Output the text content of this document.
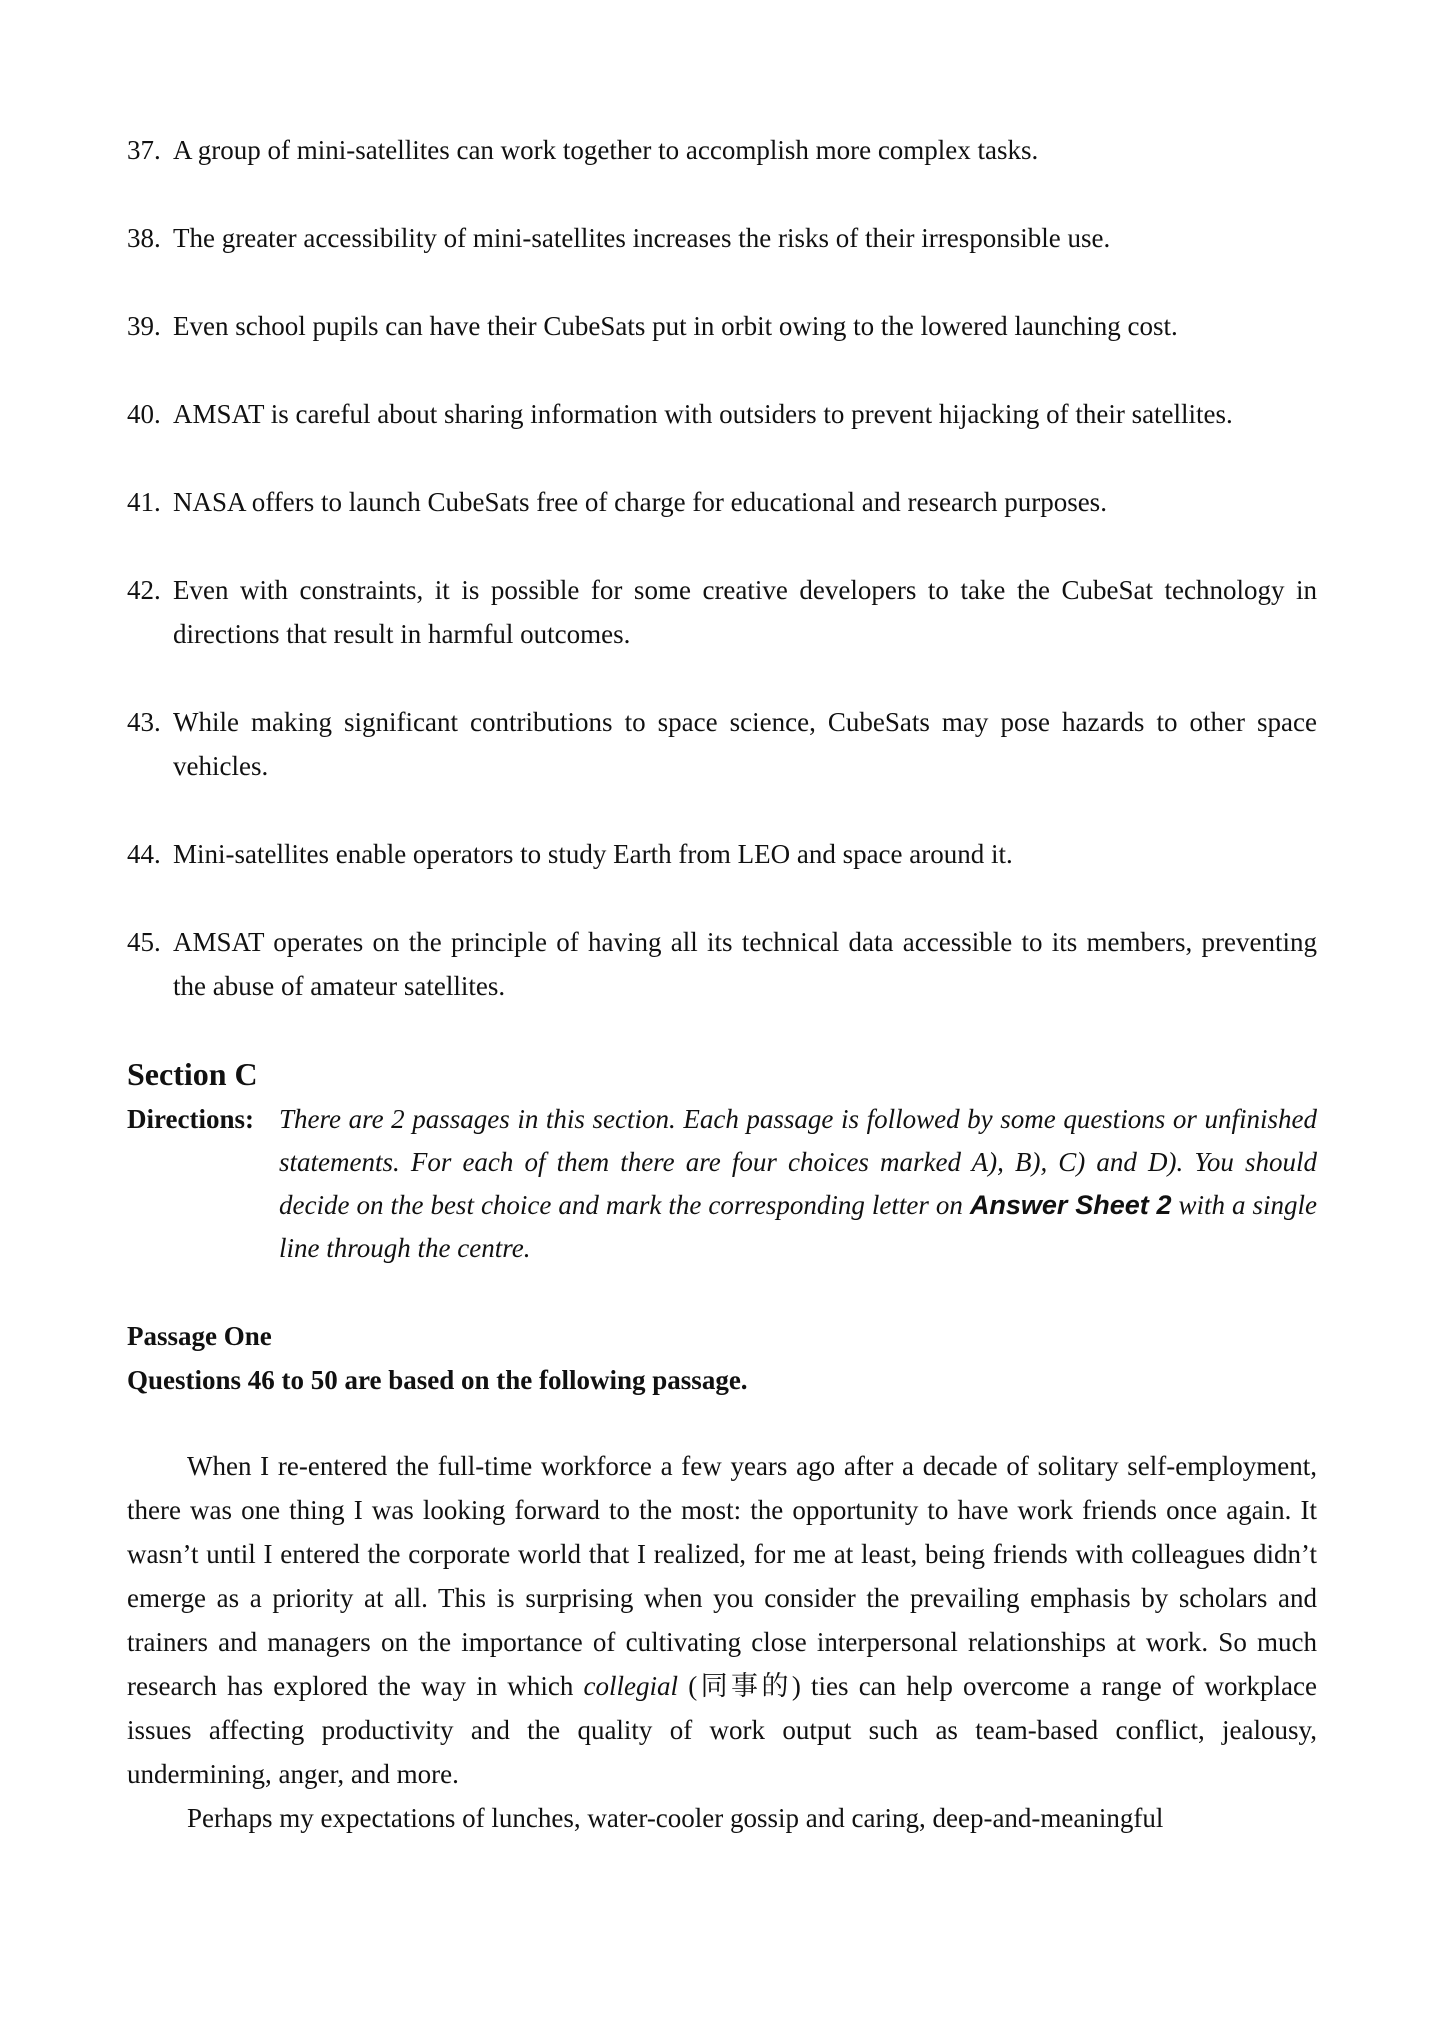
37. A group of mini-satellites can work together to accomplish more complex tasks.
38. The greater accessibility of mini-satellites increases the risks of their irresponsible use.
39. Even school pupils can have their CubeSats put in orbit owing to the lowered launching cost.
40. AMSAT is careful about sharing information with outsiders to prevent hijacking of their satellites.
41. NASA offers to launch CubeSats free of charge for educational and research purposes.
42. Even with constraints, it is possible for some creative developers to take the CubeSat technology in directions that result in harmful outcomes.
43. While making significant contributions to space science, CubeSats may pose hazards to other space vehicles.
44. Mini-satellites enable operators to study Earth from LEO and space around it.
45. AMSAT operates on the principle of having all its technical data accessible to its members, preventing the abuse of amateur satellites.
Section C
Directions: There are 2 passages in this section. Each passage is followed by some questions or unfinished statements. For each of them there are four choices marked A), B), C) and D). You should decide on the best choice and mark the corresponding letter on Answer Sheet 2 with a single line through the centre.
Passage One
Questions 46 to 50 are based on the following passage.

When I re-entered the full-time workforce a few years ago after a decade of solitary self-employment, there was one thing I was looking forward to the most: the opportunity to have work friends once again. It wasn’t until I entered the corporate world that I realized, for me at least, being friends with colleagues didn’t emerge as a priority at all. This is surprising when you consider the prevailing emphasis by scholars and trainers and managers on the importance of cultivating close interpersonal relationships at work. So much research has explored the way in which collegial (同事的) ties can help overcome a range of workplace issues affecting productivity and the quality of work output such as team-based conflict, jealousy, undermining, anger, and more.

Perhaps my expectations of lunches, water-cooler gossip and caring, deep-and-meaningful
